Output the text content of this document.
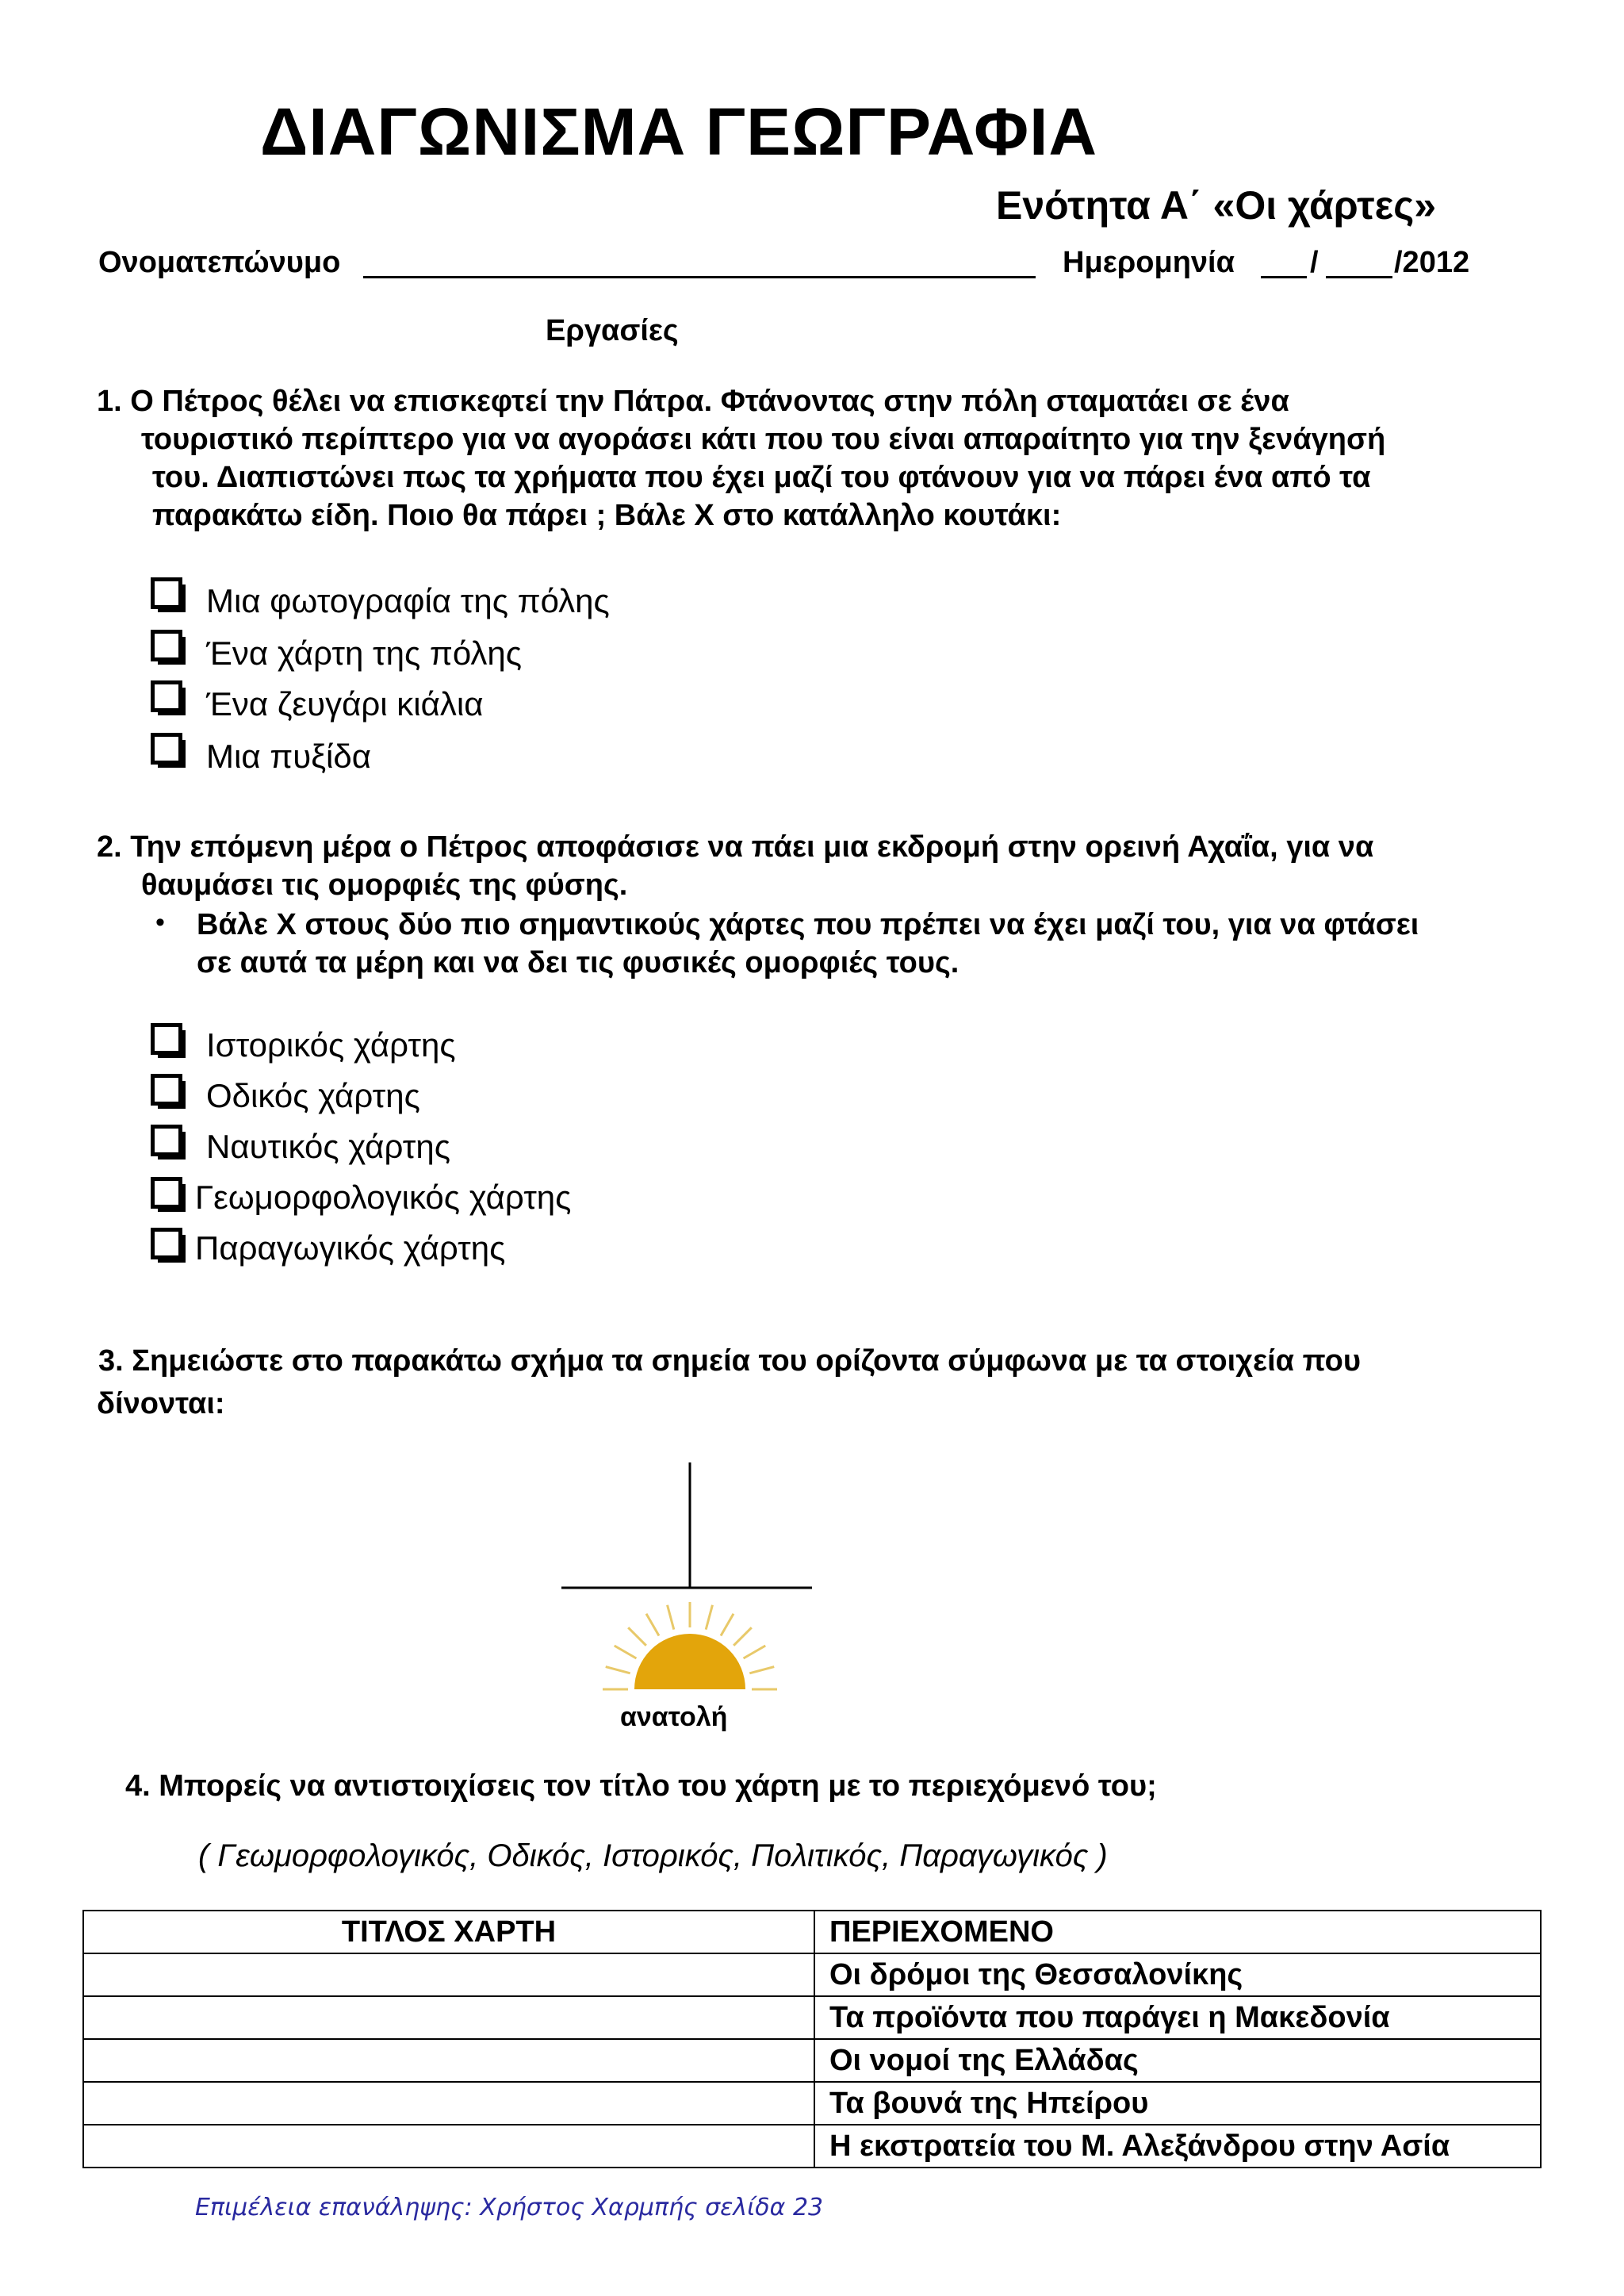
ΔΙΑΓΩΝΙΣΜΑ ΓΕΩΓΡΑΦΙΑ
Ενότητα Α΄ «Οι χάρτες»
Ονοματεπώνυμο	Ημερομηνία	/	/2012
Εργασίες
1. Ο Πέτρος θέλει να επισκεφτεί την Πάτρα. Φτάνοντας στην πόλη σταματάει σε ένα
τουριστικό περίπτερο για να αγοράσει κάτι που του είναι απαραίτητο για την ξενάγησή
του. Διαπιστώνει πως τα χρήματα που έχει μαζί του φτάνουν για να πάρει ένα από τα
παρακάτω είδη. Ποιο θα πάρει ; Βάλε Χ στο κατάλληλο κουτάκι:
Μια φωτογραφία της πόλης
Ένα χάρτη της πόλης
Ένα ζευγάρι κιάλια
Μια πυξίδα
2. Την επόμενη μέρα ο Πέτρος αποφάσισε να πάει μια εκδρομή στην ορεινή Αχαΐα, για να
θαυμάσει τις ομορφιές της φύσης.
• Βάλε Χ στους δύο πιο σημαντικούς χάρτες που πρέπει να έχει μαζί του, για να φτάσει
σε αυτά τα μέρη και να δει τις φυσικές ομορφιές τους.
Ιστορικός χάρτης
Οδικός χάρτης
Ναυτικός χάρτης
Γεωμορφολογικός χάρτης
Παραγωγικός χάρτης
3. Σημειώστε στο παρακάτω σχήμα τα σημεία του ορίζοντα σύμφωνα με τα στοιχεία που
δίνονται:
ανατολή
4. Μπορείς να αντιστοιχίσεις τον τίτλο του χάρτη με το περιεχόμενό του;
( Γεωμορφολογικός, Οδικός, Ιστορικός, Πολιτικός, Παραγωγικός )
ΤΙΤΛΟΣ ΧΑΡΤΗ	ΠΕΡΙΕΧΟΜΕΝΟ
	Οι δρόμοι της Θεσσαλονίκης
	Τα προϊόντα που παράγει η Μακεδονία
	Οι νομοί της Ελλάδας
	Τα βουνά της Ηπείρου
	Η εκστρατεία του Μ. Αλεξάνδρου στην Ασία
Επιμέλεια επανάληψης: Χρήστος Χαρμπής σελίδα 23
